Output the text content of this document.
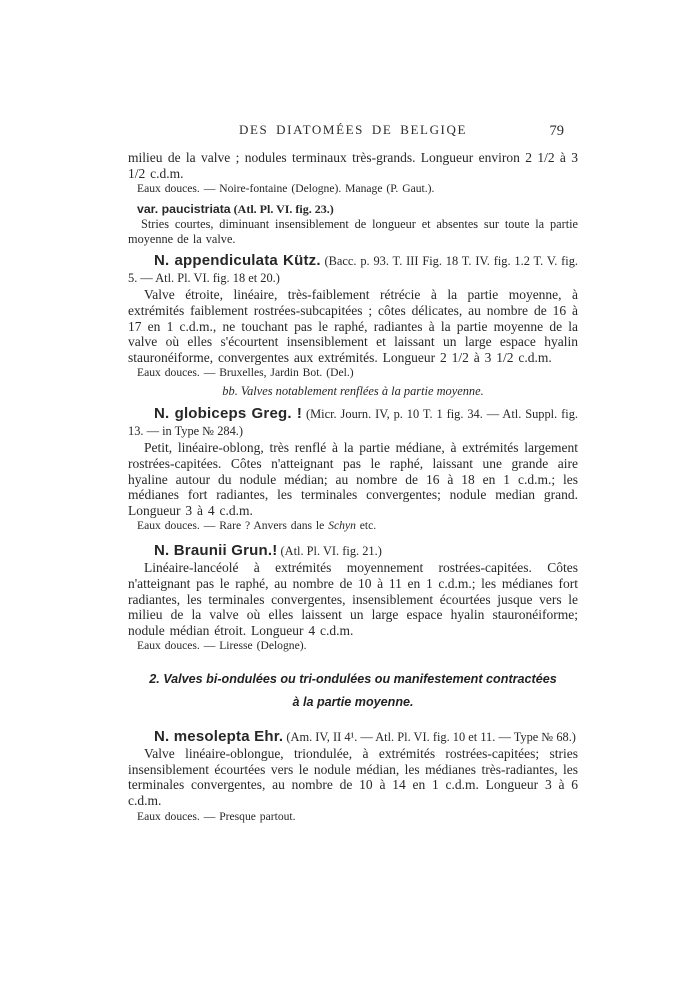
DES DIATOMÉES DE BELGIQE	79

milieu de la valve ; nodules terminaux très-grands. Longueur environ 2 1/2 à 3 1/2 c.d.m.

Eaux douces. — Noire-fontaine (Delogne). Manage (P. Gaut.).

var. paucistriata (Atl. Pl. VI. fig. 23.)

Stries courtes, diminuant insensiblement de longueur et absentes sur toute la partie moyenne de la valve.

N. appendiculata Kütz. (Bacc. p. 93. T. III Fig. 18 T. IV. fig. 1.2 T. V. fig. 5. — Atl. Pl. VI. fig. 18 et 20.)

Valve étroite, linéaire, très-faiblement rétrécie à la partie moyenne, à extrémités faiblement rostrées-subcapitées ; côtes délicates, au nombre de 16 à 17 en 1 c.d.m., ne touchant pas le raphé, radiantes à la partie moyenne de la valve où elles s'écourtent insensiblement et laissant un large espace hyalin stauronéiforme, convergentes aux extrémités. Longueur 2 1/2 à 3 1/2 c.d.m.

Eaux douces. — Bruxelles, Jardin Bot. (Del.)

bb. Valves notablement renflées à la partie moyenne.

N. globiceps Greg. ! (Micr. Journ. IV, p. 10 T. 1 fig. 34. — Atl. Suppl. fig. 13. — in Type № 284.)

Petit, linéaire-oblong, très renflé à la partie médiane, à extrémités largement rostrées-capitées. Côtes n'atteignant pas le raphé, laissant une grande aire hyaline autour du nodule médian; au nombre de 16 à 18 en 1 c.d.m.; les médianes fort radiantes, les terminales convergentes; nodule median grand. Longueur 3 à 4 c.d.m.

Eaux douces. — Rare ? Anvers dans le Schyn etc.

N. Braunii Grun.! (Atl. Pl. VI. fig. 21.)

Linéaire-lancéolé à extrémités moyennement rostrées-capitées. Côtes n'atteignant pas le raphé, au nombre de 10 à 11 en 1 c.d.m.; les médianes fort radiantes, les terminales convergentes, insensiblement écourtées jusque vers le milieu de la valve où elles laissent un large espace hyalin stauronéiforme; nodule médian étroit. Longueur 4 c.d.m.

Eaux douces. — Liresse (Delogne).

2. Valves bi-ondulées ou tri-ondulées ou manifestement contractées
à la partie moyenne.

N. mesolepta Ehr. (Am. IV, II 4¹. — Atl. Pl. VI. fig. 10 et 11. — Type № 68.)

Valve linéaire-oblongue, triondulée, à extrémités rostrées-capitées; stries insensiblement écourtées vers le nodule médian, les médianes très-radiantes, les terminales convergentes, au nombre de 10 à 14 en 1 c.d.m. Longueur 3 à 6 c.d.m.

Eaux douces. — Presque partout.
